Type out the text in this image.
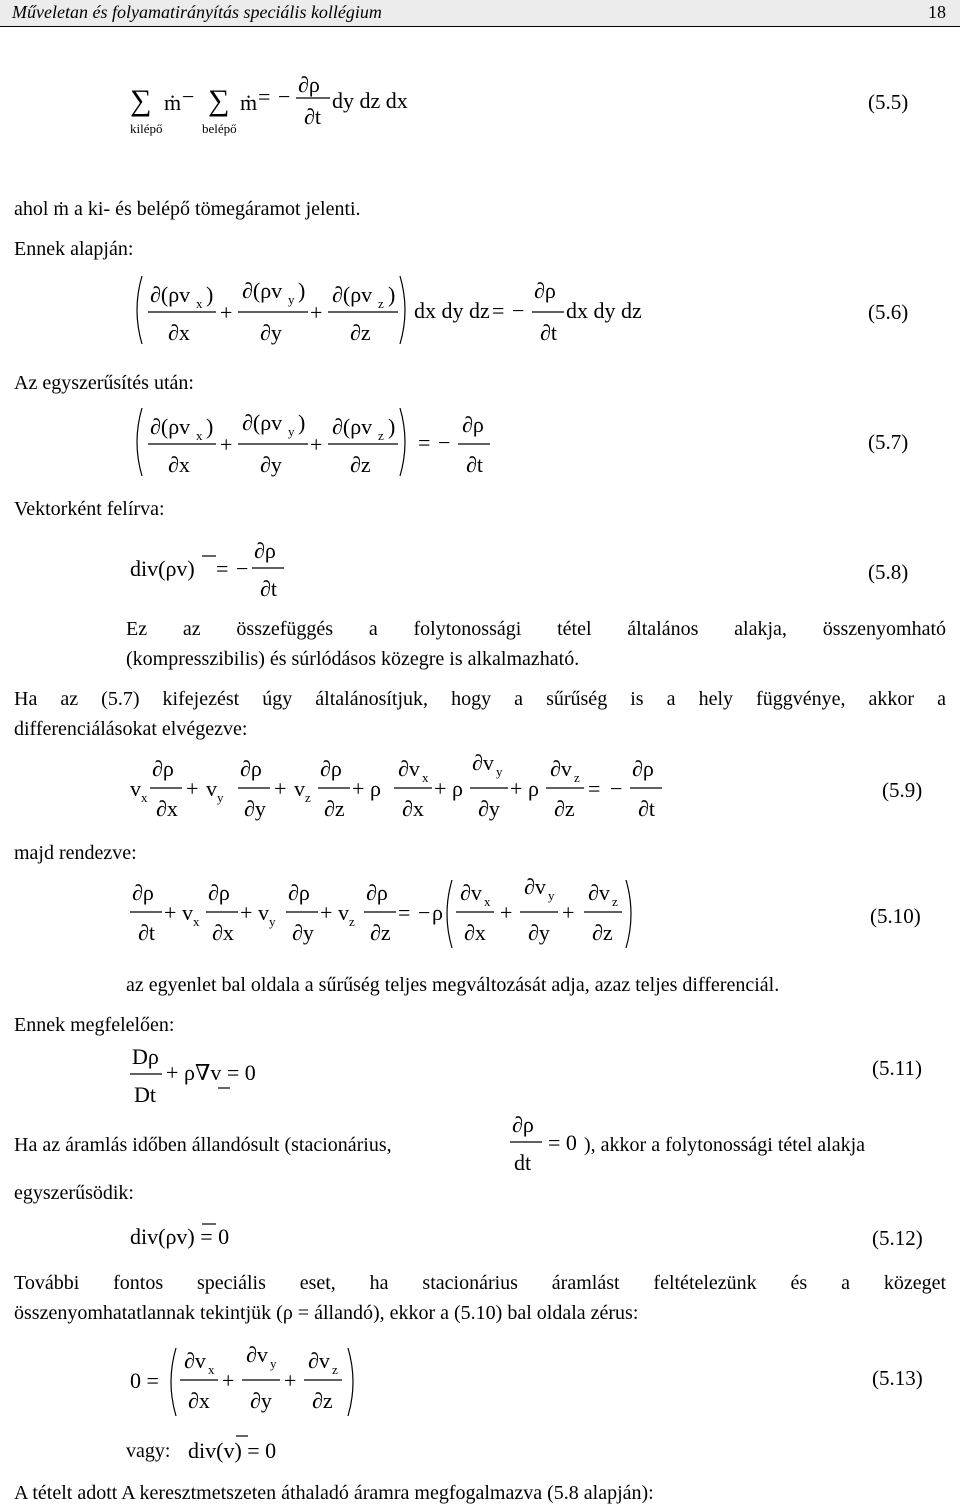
Műveletan és folyamatirányítás speciális kollégium	18
∑ ṁ −
kilépő
∑ ṁ = −
belépő
∂ρ
∂t
dy dz dx	(5.5)
ahol ṁ a ki- és belépő tömegáramot jelenti.
Ennek alapján:
∂(ρv x )
∂x
+
∂(ρv y )
∂y
+
∂(ρv z )
∂z
dx dy dz = −
∂ρ
∂t
dx dy dz	(5.6)
Az egyszerűsítés után:
∂(ρv x )
∂x
+
∂(ρv y )
∂y
+
∂(ρv z )
∂z
= −
∂ρ
∂t
(5.7)
Vektorként felírva:
div(ρv) = −
∂ρ
∂t
(5.8)
Ez az összefüggés a folytonossági tétel általános alakja, összenyomható
(kompresszibilis) és súrlódásos közegre is alkalmazható.
Ha az (5.7) kifejezést úgy általánosítjuk, hogy a sűrűség is a hely függvénye, akkor a
differenciálásokat elvégezve:
v x
∂ρ
∂x
+ v y
∂ρ
∂y
+ v z
∂ρ
∂z
+ ρ
∂v x
∂x
+ ρ
∂v y
∂y
+ ρ
∂v z
∂z
= −
∂ρ
∂t
(5.9)
majd rendezve:
∂ρ
∂t
+ v x
∂ρ
∂x
+ v y
∂ρ
∂y
+ v z
∂ρ
∂z
= − ρ
∂v x
∂x
+
∂v y
∂y
+
∂v z
∂z
(5.10)
az egyenlet bal oldala a sűrűség teljes megváltozását adja, azaz teljes differenciál.
Ennek megfelelően:
Dρ
Dt
+ ρ∇v = 0	(5.11)
Ha az áramlás időben állandósult (stacionárius,
∂ρ
dt
= 0 ), akkor a folytonossági tétel alakja
egyszerűsödik:
div(ρv) = 0	(5.12)
További fontos speciális eset, ha stacionárius áramlást feltételezünk és a közeget
összenyomhatatlannak tekintjük (ρ = állandó), ekkor a (5.10) bal oldala zérus:
0 =
∂v x
∂x
+
∂v y
∂y
+
∂v z
∂z
(5.13)
vagy: div(v) = 0
A tételt adott A keresztmetszeten áthaladó áramra megfogalmazva (5.8 alapján):
